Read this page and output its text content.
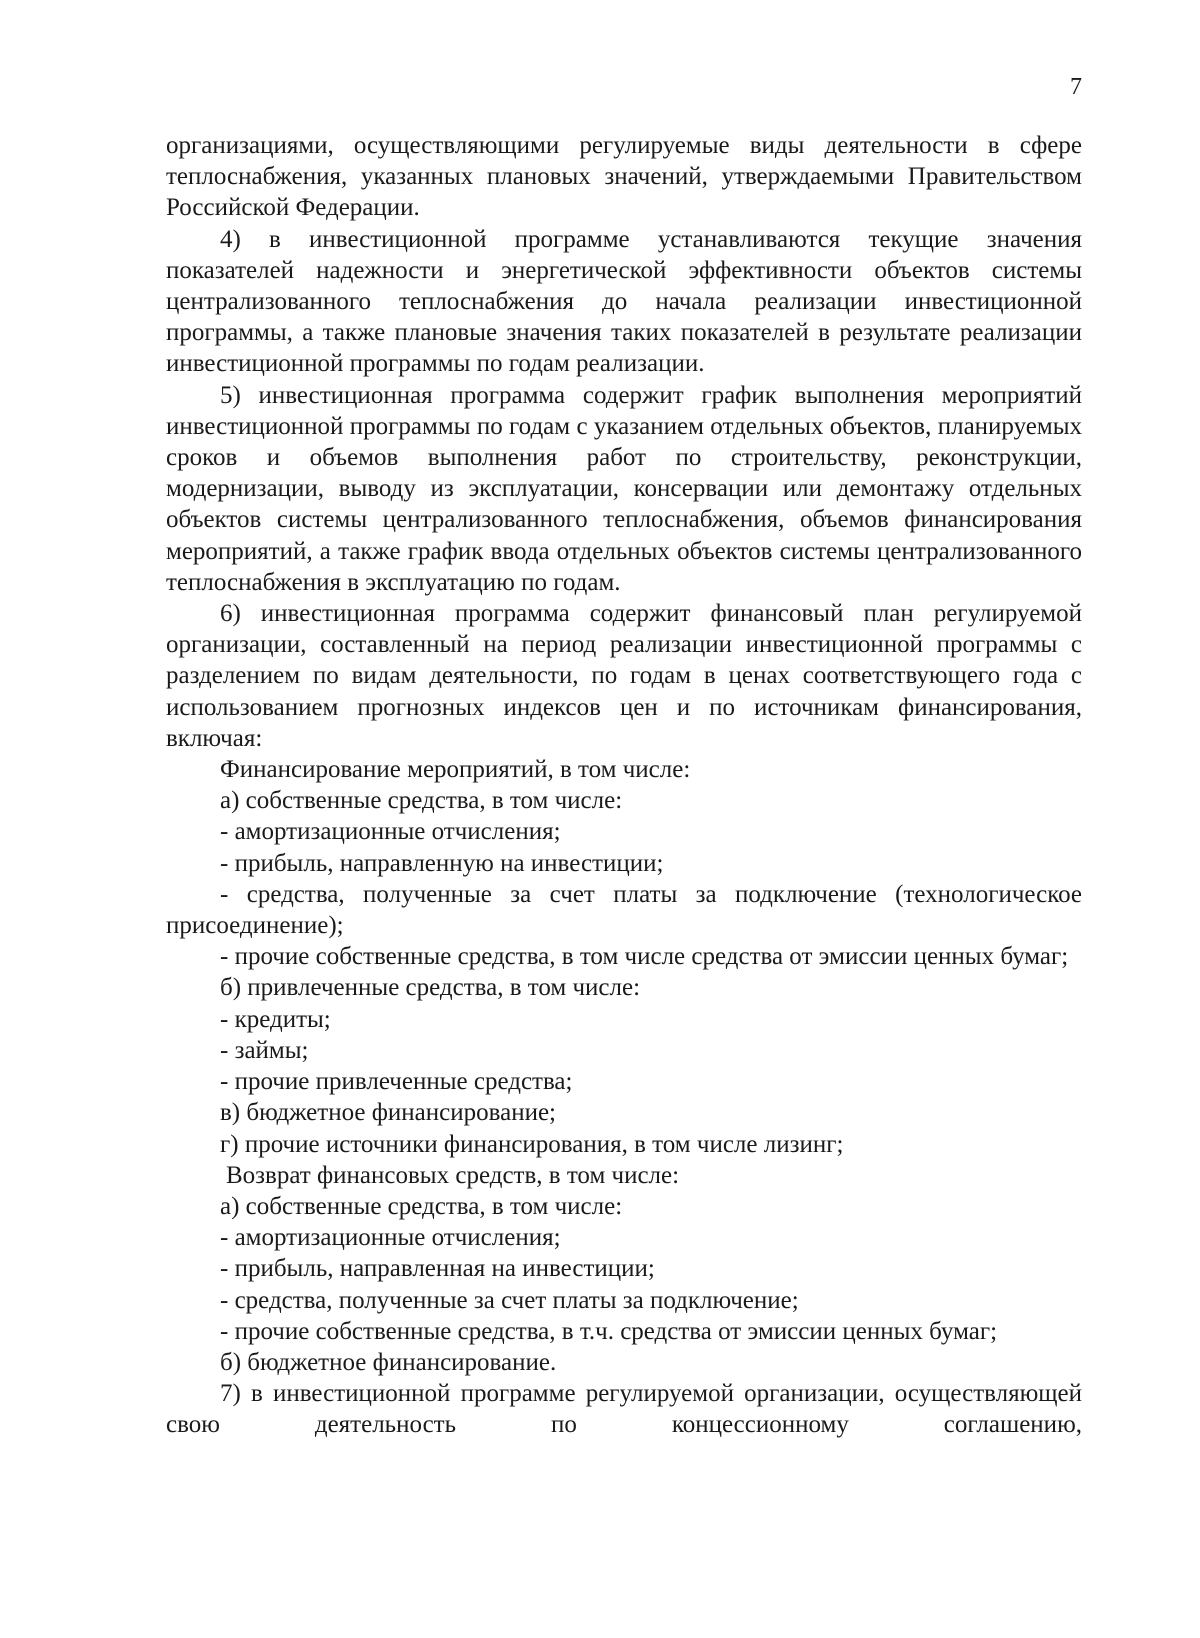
7

организациями, осуществляющими регулируемые виды деятельности в сфере теплоснабжения, указанных плановых значений, утверждаемыми Правительством Российской Федерации.

4) в инвестиционной программе устанавливаются текущие значения показателей надежности и энергетической эффективности объектов системы централизованного теплоснабжения до начала реализации инвестиционной программы, а также плановые значения таких показателей в результате реализации инвестиционной программы по годам реализации.

5) инвестиционная программа содержит график выполнения мероприятий инвестиционной программы по годам с указанием отдельных объектов, планируемых сроков и объемов выполнения работ по строительству, реконструкции, модернизации, выводу из эксплуатации, консервации или демонтажу отдельных объектов системы централизованного теплоснабжения, объемов финансирования мероприятий, а также график ввода отдельных объектов системы централизованного теплоснабжения в эксплуатацию по годам.

6) инвестиционная программа содержит финансовый план регулируемой организации, составленный на период реализации инвестиционной программы с разделением по видам деятельности, по годам в ценах соответствующего года с использованием прогнозных индексов цен и по источникам финансирования, включая:

Финансирование мероприятий, в том числе:

а) собственные средства, в том числе:

- амортизационные отчисления;

- прибыль, направленную на инвестиции;

- средства, полученные за счет платы за подключение (технологическое присоединение);

- прочие собственные средства, в том числе средства от эмиссии ценных бумаг;

б) привлеченные средства, в том числе:

- кредиты;

- займы;

- прочие привлеченные средства;

в) бюджетное финансирование;

г) прочие источники финансирования, в том числе лизинг;

Возврат финансовых средств, в том числе:

а) собственные средства, в том числе:

- амортизационные отчисления;

- прибыль, направленная на инвестиции;

- средства, полученные за счет платы за подключение;

- прочие собственные средства, в т.ч. средства от эмиссии ценных бумаг;

б) бюджетное финансирование.

7) в инвестиционной программе регулируемой организации, осуществляющей свою деятельность по концессионному соглашению,
